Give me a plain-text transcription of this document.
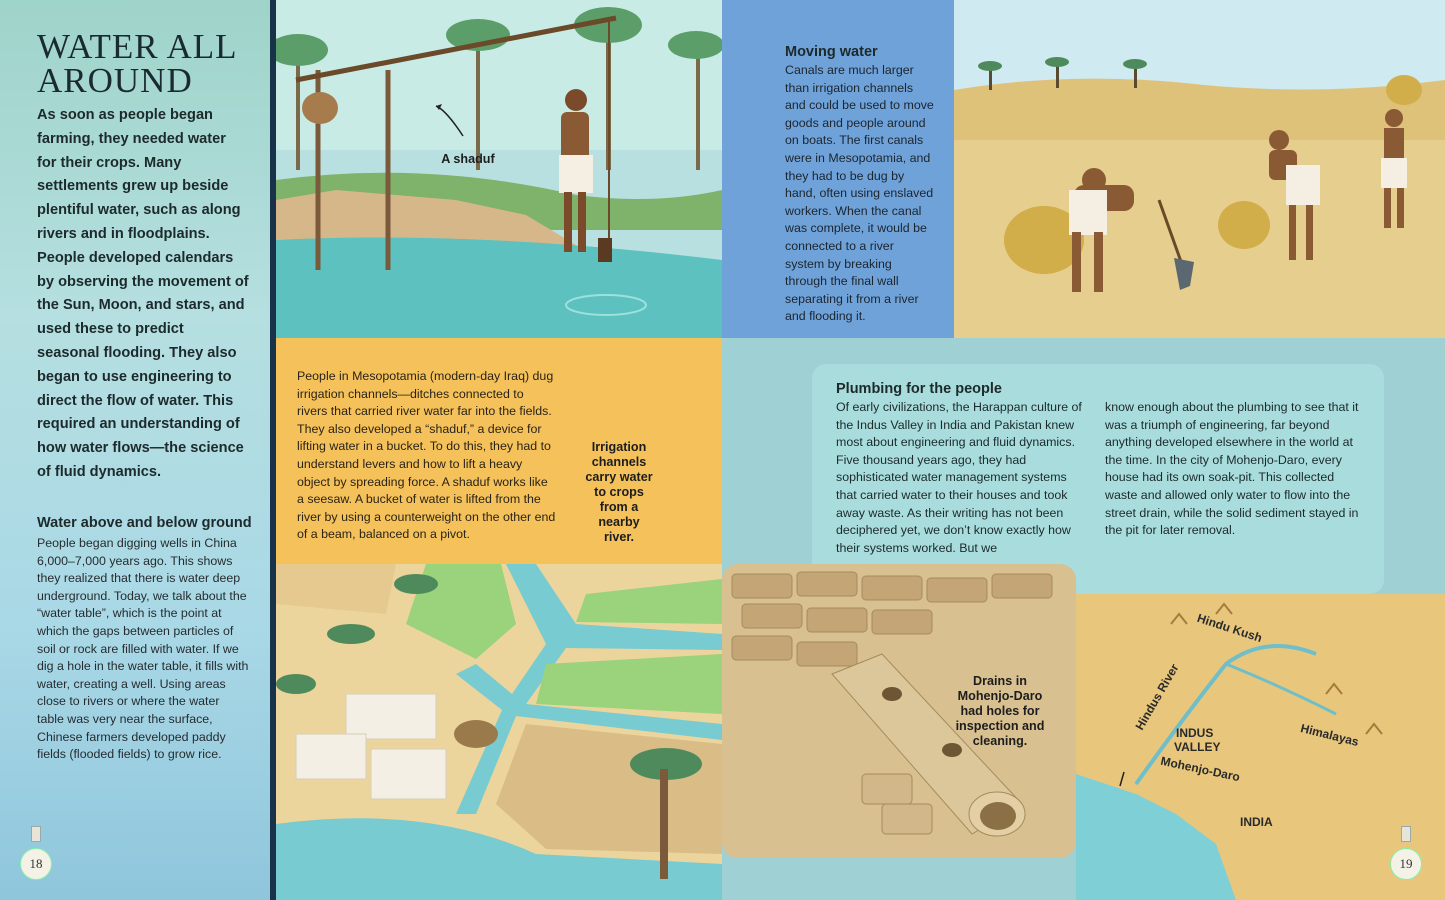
WATER ALL
AROUND
As soon as people began farming, they needed water for their crops. Many settlements grew up beside plentiful water, such as along rivers and in floodplains. People developed calendars by observing the movement of the Sun, Moon, and stars, and used these to predict seasonal flooding. They also began to use engineering to direct the flow of water. This required an understanding of how water flows—the science of fluid dynamics.
Water above and below ground
People began digging wells in China 6,000–7,000 years ago. This shows they realized that there is water deep underground. Today, we talk about the “water table”, which is the point at which the gaps between particles of soil or rock are filled with water. If we dig a hole in the water table, it fills with water, creating a well. Using areas close to rivers or where the water table was very near the surface, Chinese farmers developed paddy fields (flooded fields) to grow rice.
18
A shaduf
Moving water
Canals are much larger than irrigation channels and could be used to move goods and people around on boats. The first canals were in Mesopotamia, and they had to be dug by hand, often using enslaved workers. When the canal was complete, it would be connected to a river system by breaking through the final wall separating it from a river and flooding it.
People in Mesopotamia (modern-day Iraq) dug irrigation channels—ditches connected to rivers that carried river water far into the fields. They also developed a “shaduf,” a device for lifting water in a bucket. To do this, they had to understand levers and how to lift a heavy object by spreading force. A shaduf works like a seesaw. A bucket of water is lifted from the river by using a counterweight on the other end of a beam, balanced on a pivot.
Irrigation channels carry water to crops from a nearby river.
Plumbing for the people
Of early civilizations, the Harappan culture of the Indus Valley in India and Pakistan knew most about engineering and fluid dynamics. Five thousand years ago, they had sophisticated water management systems that carried water to their houses and took away waste. As their writing has not been deciphered yet, we don’t know exactly how their systems worked. But we
know enough about the plumbing to see that it was a triumph of engineering, far beyond anything developed elsewhere in the world at the time. In the city of Mohenjo-Daro, every house had its own soak-pit. This collected waste and allowed only water to flow into the street drain, while the solid sediment stayed in the pit for later removal.
Drains in Mohenjo-Daro had holes for inspection and cleaning.
Hindu Kush
Hindus River
INDUS
VALLEY	Himalayas
Mohenjo-Daro
INDIA
19
